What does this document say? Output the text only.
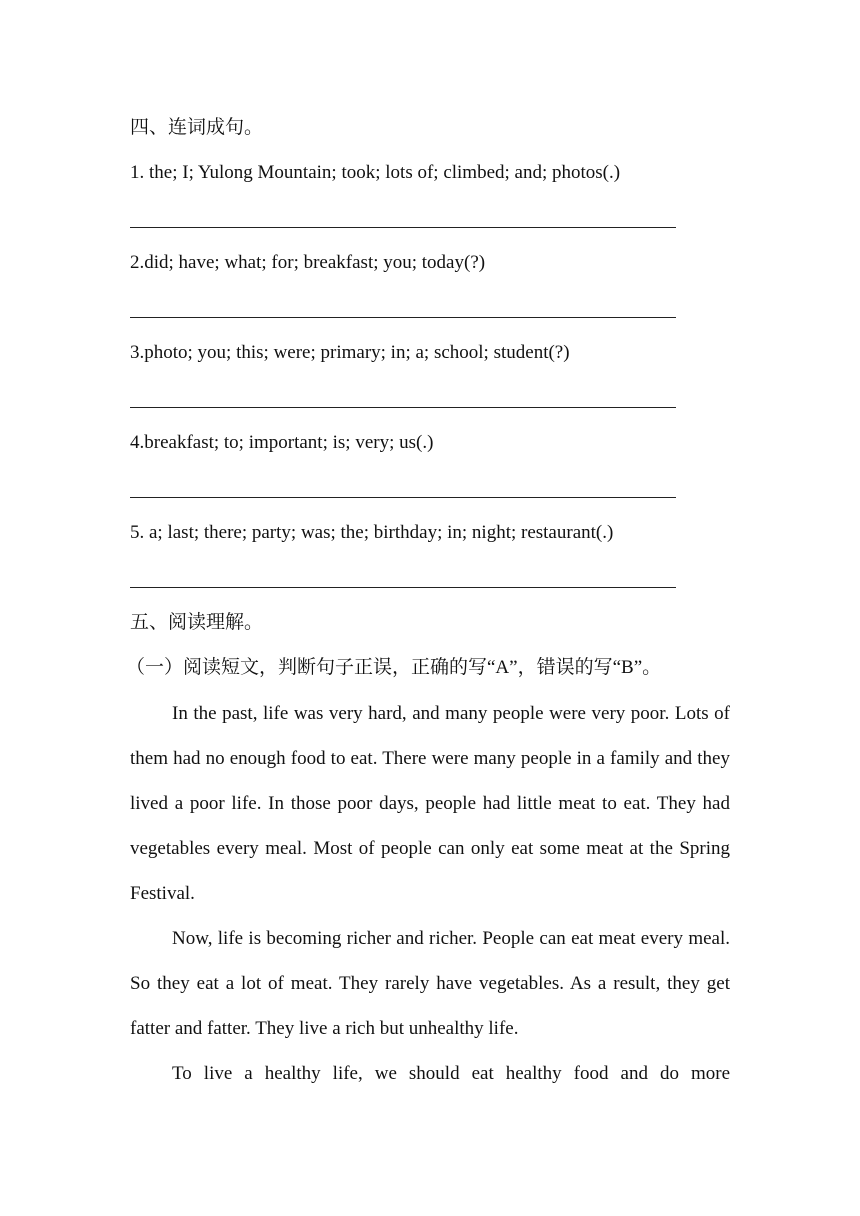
四、连词成句。
1. the; I; Yulong Mountain; took; lots of; climbed; and; photos(.)
2.did; have; what; for; breakfast; you; today(?)
3.photo; you; this; were; primary; in; a; school; student(?)
4.breakfast; to; important; is; very; us(.)
5. a; last; there; party; was; the; birthday; in; night; restaurant(.)
五、阅读理解。
（一）阅读短文，判断句子正误，正确的写“A”，错误的写“B”。
In the past, life was very hard, and many people were very poor. Lots of them had no enough food to eat. There were many people in a family and they lived a poor life. In those poor days, people had little meat to eat. They had vegetables every meal. Most of people can only eat some meat at the Spring Festival.
Now, life is becoming richer and richer. People can eat meat every meal. So they eat a lot of meat. They rarely have vegetables. As a result, they get fatter and fatter. They live a rich but unhealthy life.
To live a healthy life, we should eat healthy food and do more
